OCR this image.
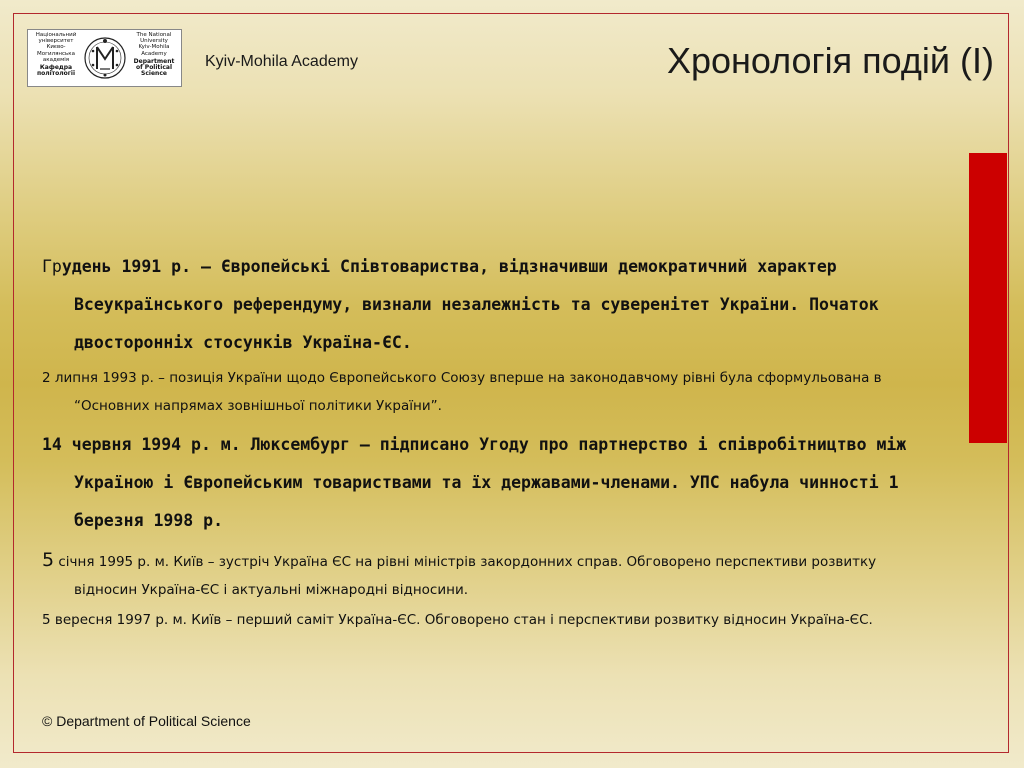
Національний
університет
Києво-
Могилянська
академія
Кафедра
політології
The National
University
Kyiv-Mohila
Academy
Department
of Political
Science
Kyiv-Mohila Academy	Хронологія подій (I)

Грудень 1991 р. – Європейські Співтовариства, відзначивши демократичний характер Всеукраїнського референдуму, визнали незалежність та суверенітет України. Початок двосторонніх стосунків Україна-ЄС.

2 липня 1993 р. – позиція України щодо Європейського Союзу вперше на законодавчому рівні була сформульована в “Основних напрямах зовнішньої політики України”.

14 червня 1994 р. м. Люксембург – підписано Угоду про партнерство і співробітництво між Україною і Європейським товариствами та їх державами-членами. УПС набула чинності 1 березня 1998 р.

5 січня 1995 р. м. Київ – зустріч Україна ЄС на рівні міністрів закордонних справ. Обговорено перспективи розвитку відносин Україна-ЄС і актуальні міжнародні відносини.

5 вересня 1997 р. м. Київ – перший саміт Україна-ЄС. Обговорено стан і перспективи розвитку відносин Україна-ЄС.

© Department of Political Science
